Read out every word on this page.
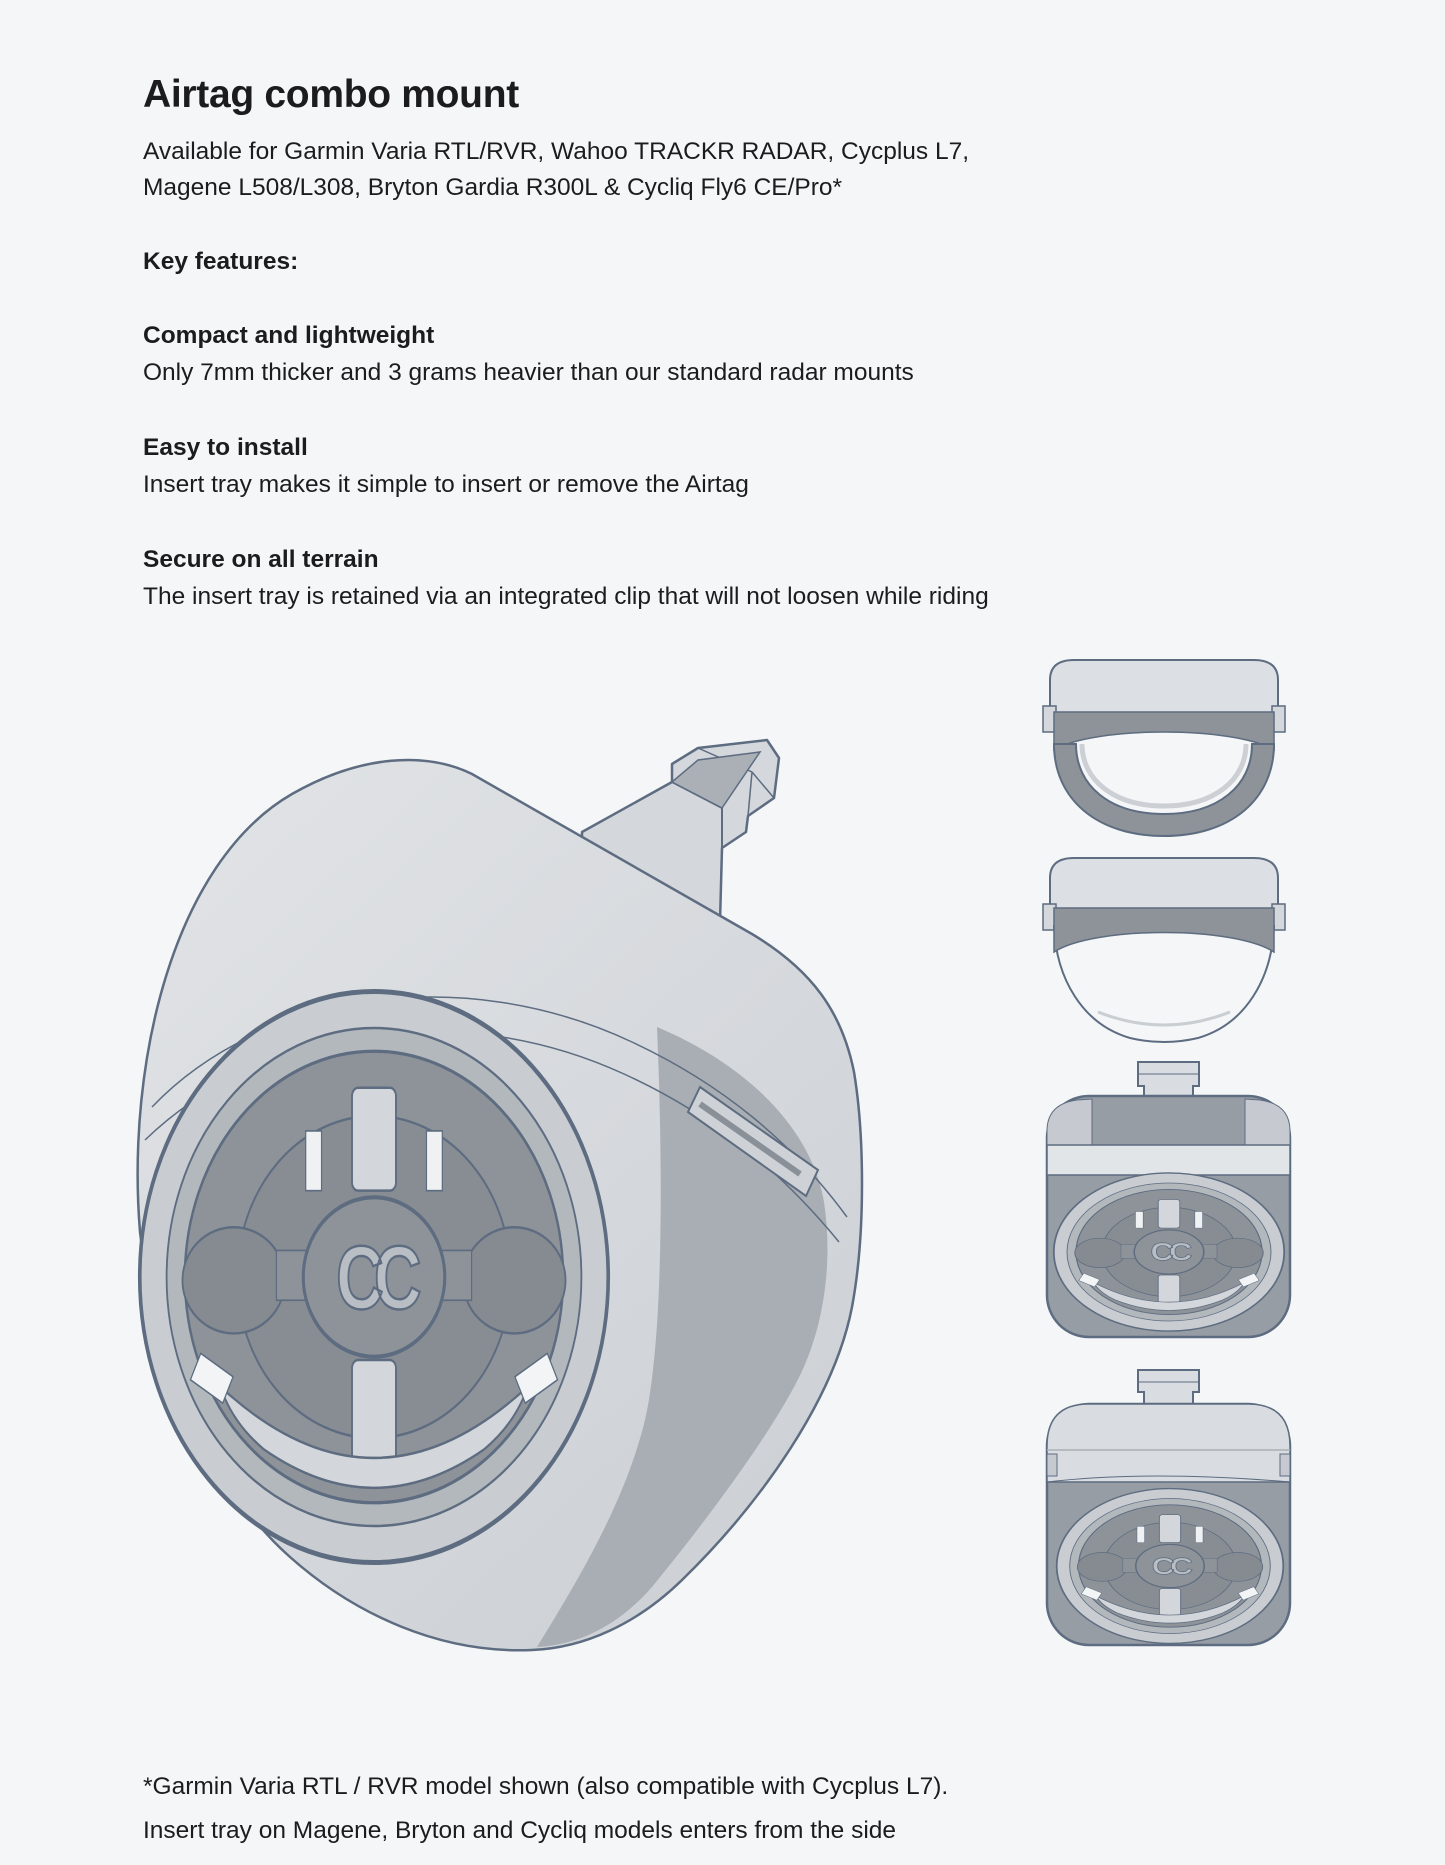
Airtag combo mount

Available for Garmin Varia RTL/RVR, Wahoo TRACKR RADAR, Cycplus L7,
Magene L508/L308, Bryton Gardia R300L & Cycliq Fly6 CE/Pro*

Key features:
Compact and lightweight

Only 7mm thicker and 3 grams heavier than our standard radar mounts

Easy to install

Insert tray makes it simple to insert or remove the Airtag

Secure on all terrain

The insert tray is retained via an integrated clip that will not loosen while riding

*Garmin Varia RTL / RVR model shown (also compatible with Cycplus L7).
Insert tray on Magene, Bryton and Cycliq models enters from the side
